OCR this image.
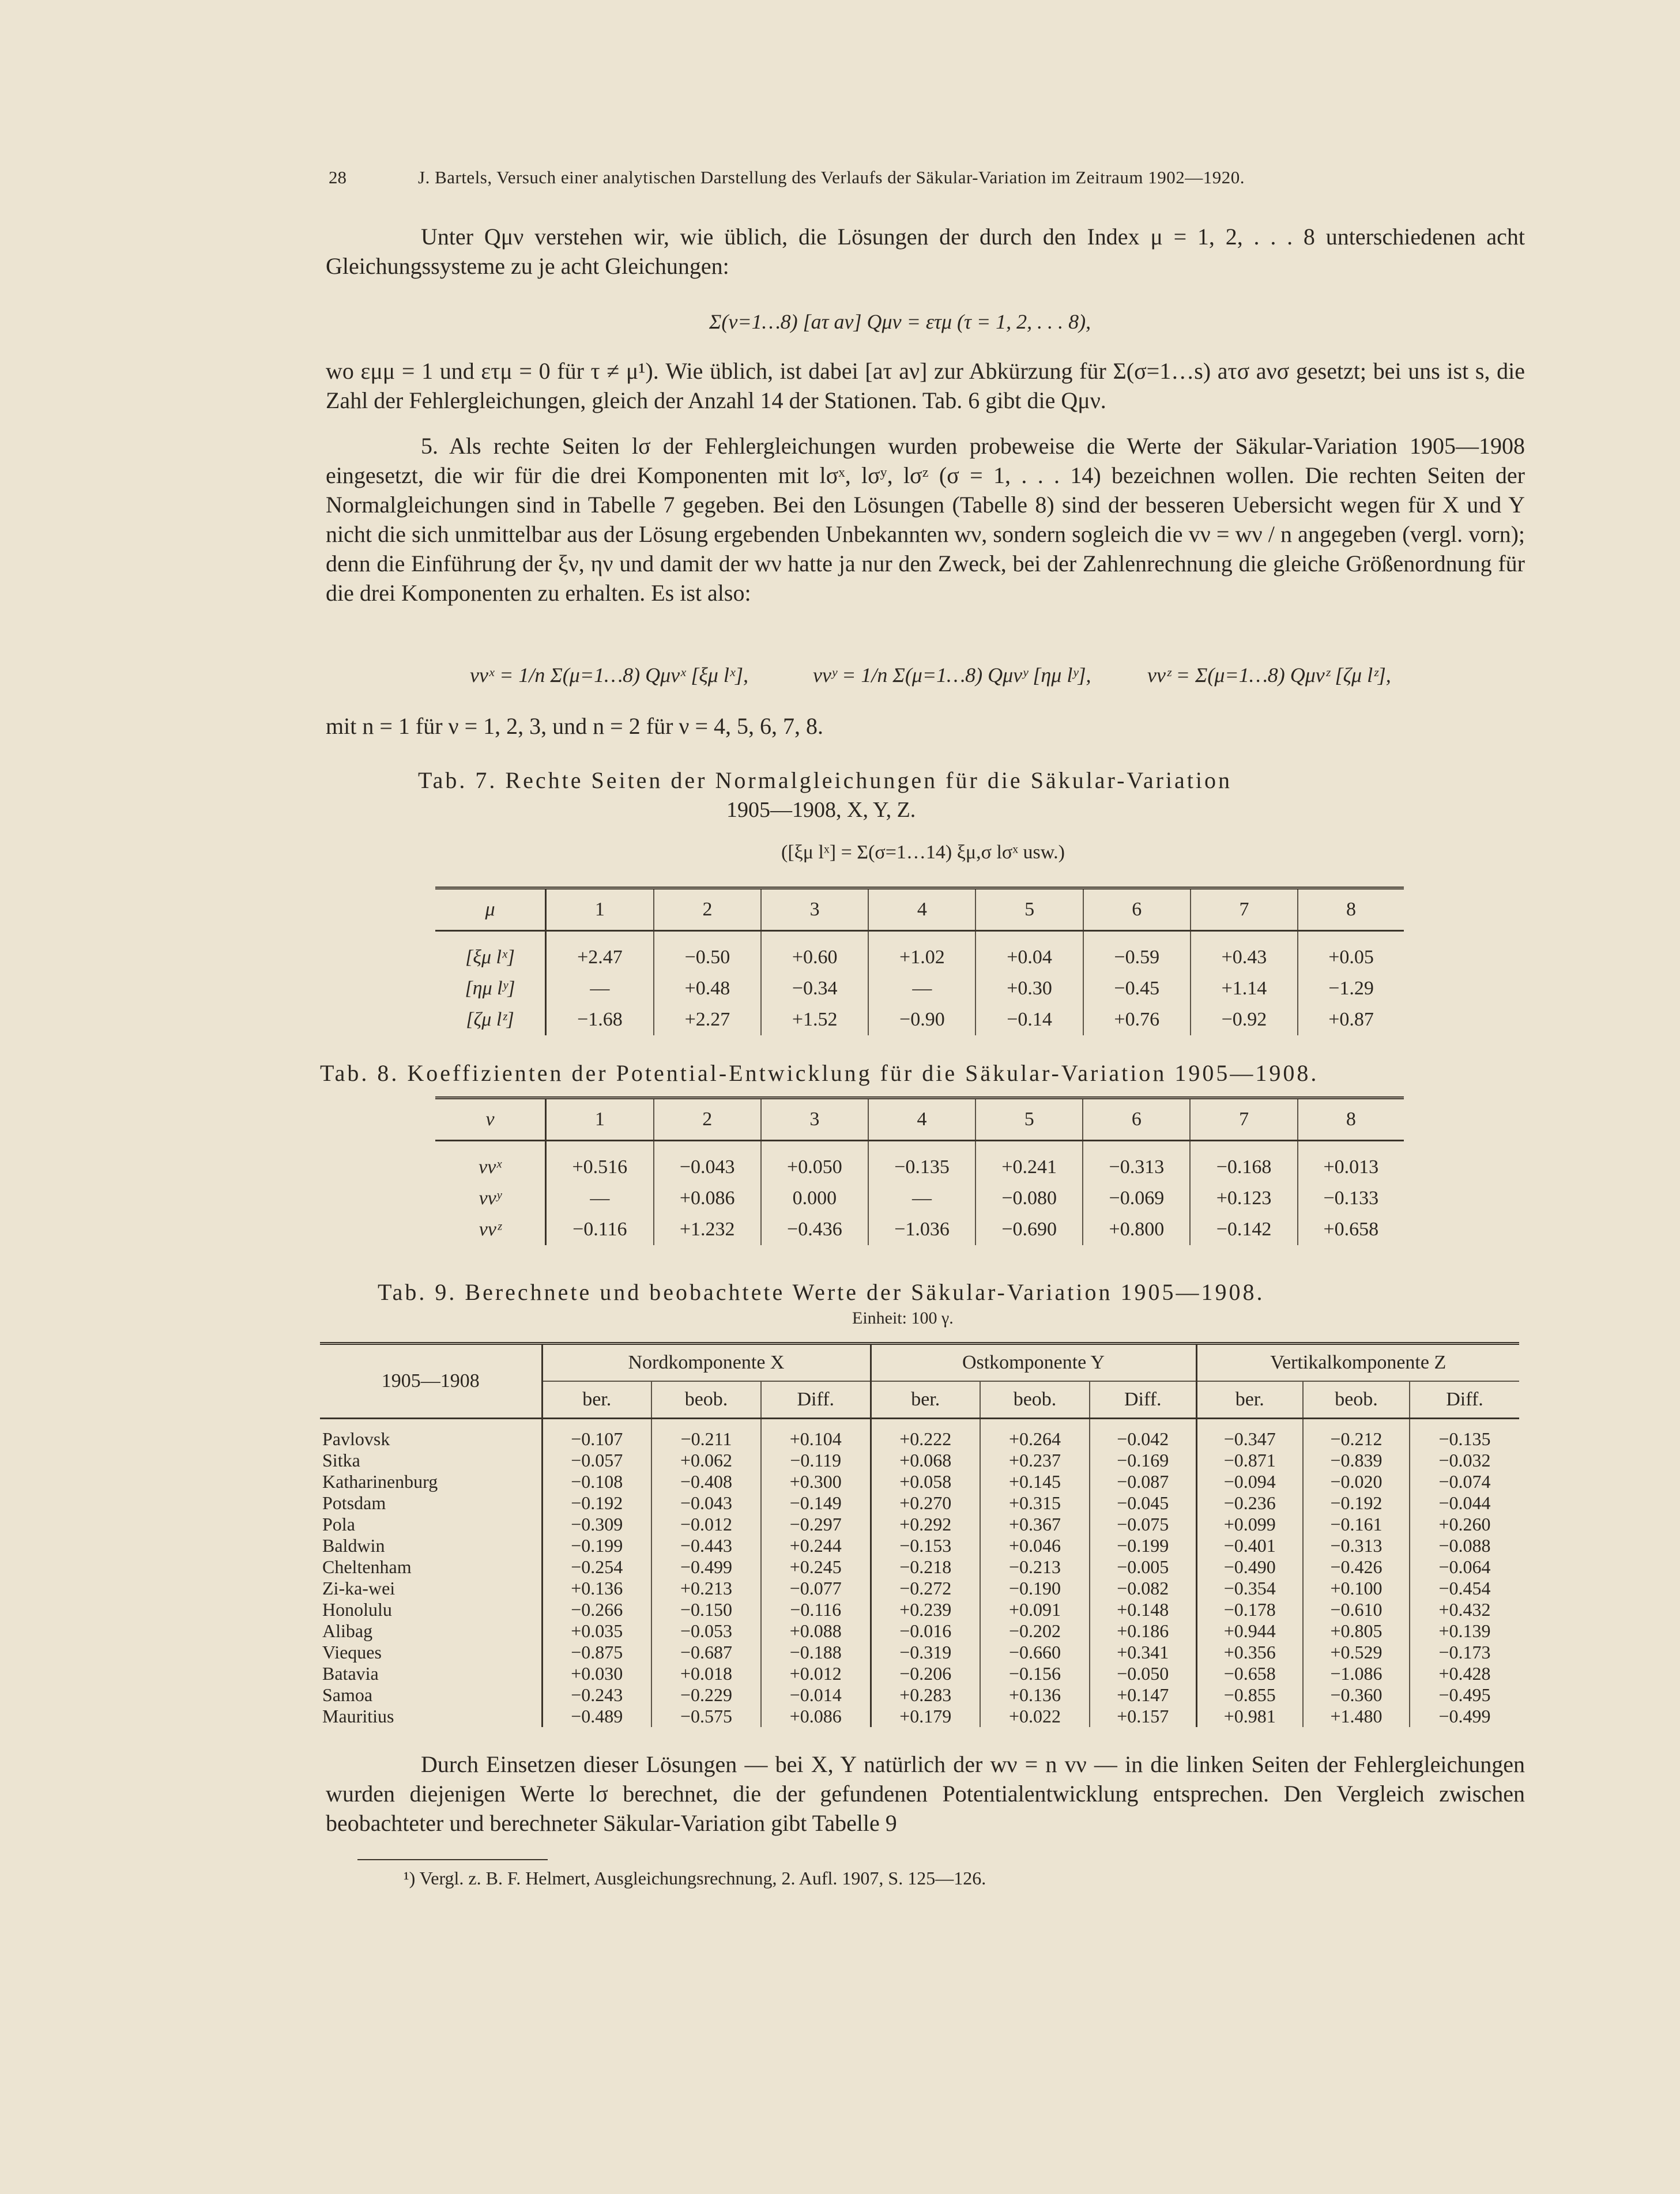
28	J. Bartels, Versuch einer analytischen Darstellung des Verlaufs der Säkular-Variation im Zeitraum 1902—1920.

Unter Qμν verstehen wir, wie üblich, die Lösungen der durch den Index μ = 1, 2, . . . 8 unterschiedenen acht Gleichungssysteme zu je acht Gleichungen:

Σ(ν=1…8) [aτ aν] Qμν = ετμ (τ = 1, 2, . . . 8),

wo εμμ = 1 und ετμ = 0 für τ ≠ μ¹). Wie üblich, ist dabei [aτ aν] zur Abkürzung für Σ(σ=1…s) aτσ aνσ gesetzt; bei uns ist s, die Zahl der Fehlergleichungen, gleich der Anzahl 14 der Stationen. Tab. 6 gibt die Qμν.

5. Als rechte Seiten lσ der Fehlergleichungen wurden probeweise die Werte der Säkular-Variation 1905—1908 eingesetzt, die wir für die drei Komponenten mit lσˣ, lσʸ, lσᶻ (σ = 1, . . . 14) bezeichnen wollen. Die rechten Seiten der Normalgleichungen sind in Tabelle 7 gegeben. Bei den Lösungen (Tabelle 8) sind der besseren Uebersicht wegen für X und Y nicht die sich unmittelbar aus der Lösung ergebenden Unbekannten wν, sondern sogleich die vν = wν / n angegeben (vergl. vorn); denn die Einführung der ξν, ην und damit der wν hatte ja nur den Zweck, bei der Zahlenrechnung die gleiche Größenordnung für die drei Komponenten zu erhalten. Es ist also:

vνˣ = 1/n Σ(μ=1…8) Qμνˣ [ξμ lˣ],	vνʸ = 1/n Σ(μ=1…8) Qμνʸ [ημ lʸ],	vνᶻ = Σ(μ=1…8) Qμνᶻ [ζμ lᶻ],

mit n = 1 für ν = 1, 2, 3, und n = 2 für ν = 4, 5, 6, 7, 8.

Tab. 7. Rechte Seiten der Normalgleichungen für die Säkular-Variation
1905—1908, X, Y, Z.
([ξμ lˣ] = Σ(σ=1…14) ξμ,σ lσˣ usw.)
μ	1	2	3	4	5	6	7	8
[ξμ lˣ]	+2.47	−0.50	+0.60	+1.02	+0.04	−0.59	+0.43	+0.05
[ημ lʸ]	—	+0.48	−0.34	—	+0.30	−0.45	+1.14	−1.29
[ζμ lᶻ]	−1.68	+2.27	+1.52	−0.90	−0.14	+0.76	−0.92	+0.87
Tab. 8. Koeffizienten der Potential-Entwicklung für die Säkular-Variation 1905—1908.
ν	1	2	3	4	5	6	7	8
vνˣ	+0.516	−0.043	+0.050	−0.135	+0.241	−0.313	−0.168	+0.013
vνʸ	—	+0.086	0.000	—	−0.080	−0.069	+0.123	−0.133
vνᶻ	−0.116	+1.232	−0.436	−1.036	−0.690	+0.800	−0.142	+0.658
Tab. 9. Berechnete und beobachtete Werte der Säkular-Variation 1905—1908.
Einheit: 100 γ.
1905—1908	Nordkomponente X			Ostkomponente Y			Vertikalkomponente Z		
	ber.	beob.	Diff.	ber.	beob.	Diff.	ber.	beob.	Diff.
Pavlovsk	−0.107	−0.211	+0.104	+0.222	+0.264	−0.042	−0.347	−0.212	−0.135
Sitka	−0.057	+0.062	−0.119	+0.068	+0.237	−0.169	−0.871	−0.839	−0.032
Katharinenburg	−0.108	−0.408	+0.300	+0.058	+0.145	−0.087	−0.094	−0.020	−0.074
Potsdam	−0.192	−0.043	−0.149	+0.270	+0.315	−0.045	−0.236	−0.192	−0.044
Pola	−0.309	−0.012	−0.297	+0.292	+0.367	−0.075	+0.099	−0.161	+0.260
Baldwin	−0.199	−0.443	+0.244	−0.153	+0.046	−0.199	−0.401	−0.313	−0.088
Cheltenham	−0.254	−0.499	+0.245	−0.218	−0.213	−0.005	−0.490	−0.426	−0.064
Zi-ka-wei	+0.136	+0.213	−0.077	−0.272	−0.190	−0.082	−0.354	+0.100	−0.454
Honolulu	−0.266	−0.150	−0.116	+0.239	+0.091	+0.148	−0.178	−0.610	+0.432
Alibag	+0.035	−0.053	+0.088	−0.016	−0.202	+0.186	+0.944	+0.805	+0.139
Vieques	−0.875	−0.687	−0.188	−0.319	−0.660	+0.341	+0.356	+0.529	−0.173
Batavia	+0.030	+0.018	+0.012	−0.206	−0.156	−0.050	−0.658	−1.086	+0.428
Samoa	−0.243	−0.229	−0.014	+0.283	+0.136	+0.147	−0.855	−0.360	−0.495
Mauritius	−0.489	−0.575	+0.086	+0.179	+0.022	+0.157	+0.981	+1.480	−0.499

Durch Einsetzen dieser Lösungen — bei X, Y natürlich der wν = n vν — in die linken Seiten der Fehlergleichungen wurden diejenigen Werte lσ berechnet, die der gefundenen Potentialentwicklung entsprechen. Den Vergleich zwischen beobachteter und berechneter Säkular-Variation gibt Tabelle 9

¹) Vergl. z. B. F. Helmert, Ausgleichungsrechnung, 2. Aufl. 1907, S. 125—126.
